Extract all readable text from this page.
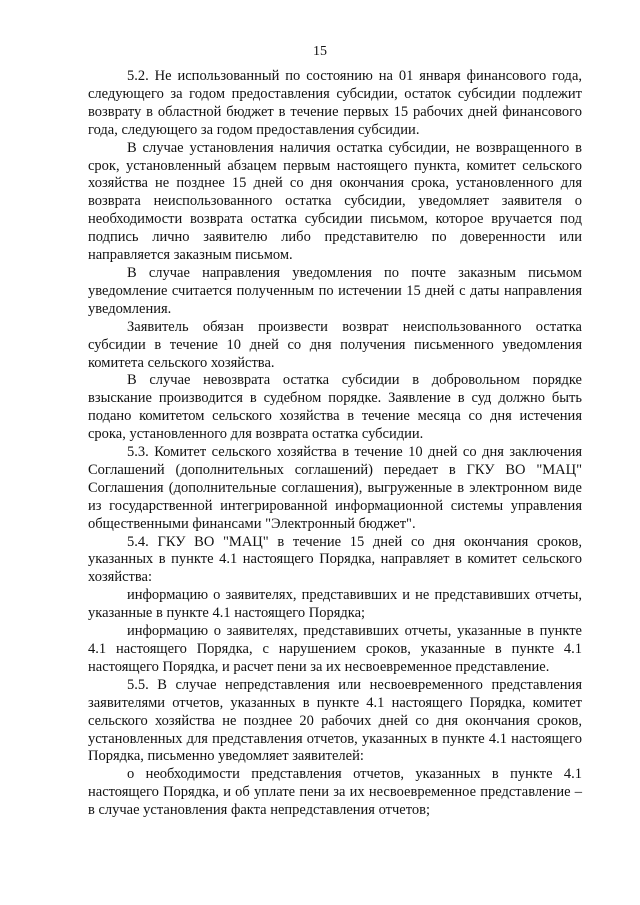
15

5.2. Не использованный по состоянию на 01 января финансового года, следующего за годом предоставления субсидии, остаток субсидии подлежит возврату в областной бюджет в течение первых 15 рабочих дней финансового года, следующего за годом предоставления субсидии.

В случае установления наличия остатка субсидии, не возвращенного в срок, установленный абзацем первым настоящего пункта, комитет сельского хозяйства не позднее 15 дней со дня окончания срока, установленного для возврата неиспользованного остатка субсидии, уведомляет заявителя о необходимости возврата остатка субсидии письмом, которое вручается под подпись лично заявителю либо представителю по доверенности или направляется заказным письмом.

В случае направления уведомления по почте заказным письмом уведомление считается полученным по истечении 15 дней с даты направления уведомления.

Заявитель обязан произвести возврат неиспользованного остатка субсидии в течение 10 дней со дня получения письменного уведомления комитета сельского хозяйства.

В случае невозврата остатка субсидии в добровольном порядке взыскание производится в судебном порядке. Заявление в суд должно быть подано комитетом сельского хозяйства в течение месяца со дня истечения срока, установленного для возврата остатка субсидии.

5.3. Комитет сельского хозяйства в течение 10 дней со дня заключения Соглашений (дополнительных соглашений) передает в ГКУ ВО "МАЦ" Соглашения (дополнительные соглашения), выгруженные в электронном виде из государственной интегрированной информационной системы управления общественными финансами "Электронный бюджет".

5.4. ГКУ ВО "МАЦ" в течение 15 дней со дня окончания сроков, указанных в пункте 4.1 настоящего Порядка, направляет в комитет сельского хозяйства:

информацию о заявителях, представивших и не представивших отчеты, указанные в пункте 4.1 настоящего Порядка;

информацию о заявителях, представивших отчеты, указанные в пункте 4.1 настоящего Порядка, с нарушением сроков, указанные в пункте 4.1 настоящего Порядка, и расчет пени за их несвоевременное представление.

5.5. В случае непредставления или несвоевременного представления заявителями отчетов, указанных в пункте 4.1 настоящего Порядка, комитет сельского хозяйства не позднее 20 рабочих дней со дня окончания сроков, установленных для представления отчетов, указанных в пункте 4.1 настоящего Порядка, письменно уведомляет заявителей:

о необходимости представления отчетов, указанных в пункте 4.1 настоящего Порядка, и об уплате пени за их несвоевременное представление – в случае установления факта непредставления отчетов;
